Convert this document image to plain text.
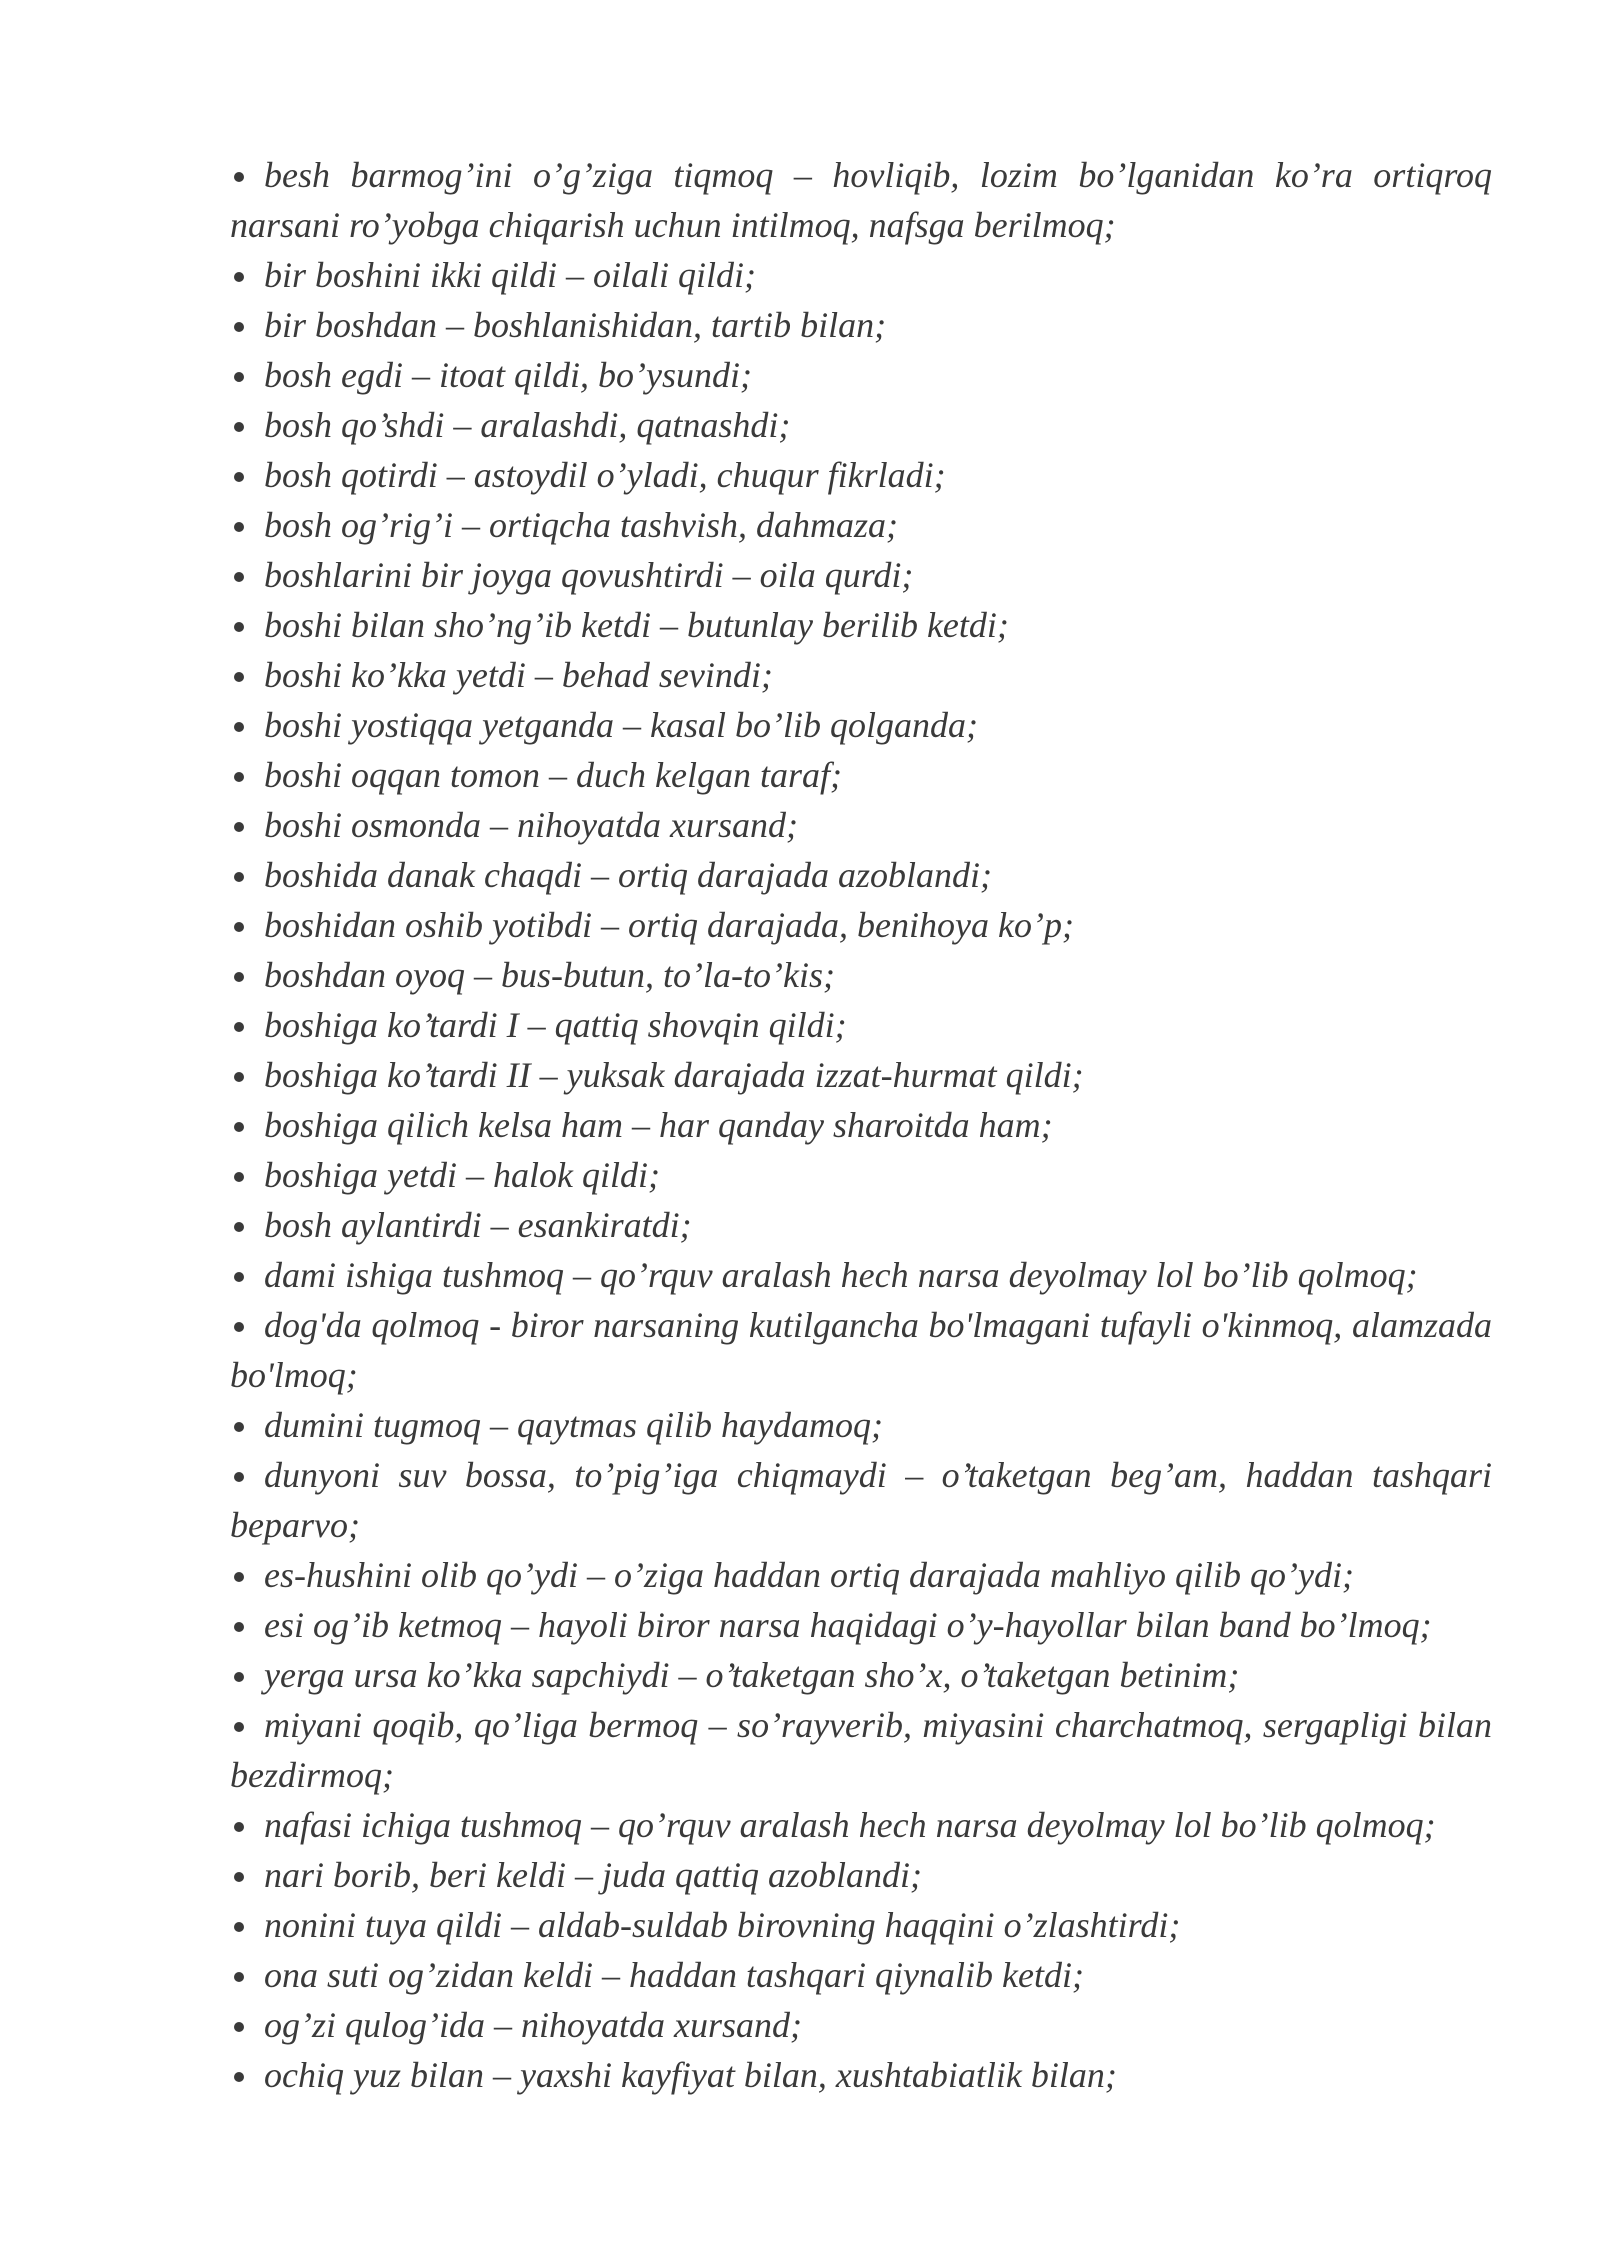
besh barmog’ini o’g’ziga tiqmoq – hovliqib, lozim bo’lganidan ko’ra ortiqroq narsani ro’yobga chiqarish uchun intilmoq, nafsga berilmoq;

bir boshini ikki qildi – oilali qildi;

bir boshdan – boshlanishidan, tartib bilan;

bosh egdi – itoat qildi, bo’ysundi;

bosh qo’shdi – aralashdi, qatnashdi;

bosh qotirdi – astoydil o’yladi, chuqur fikrladi;

bosh og’rig’i – ortiqcha tashvish, dahmaza;

boshlarini bir joyga qovushtirdi – oila qurdi;

boshi bilan sho’ng’ib ketdi – butunlay berilib ketdi;

boshi ko’kka yetdi – behad sevindi;

boshi yostiqqa yetganda – kasal bo’lib qolganda;

boshi oqqan tomon – duch kelgan taraf;

boshi osmonda – nihoyatda xursand;

boshida danak chaqdi – ortiq darajada azoblandi;

boshidan oshib yotibdi – ortiq darajada, benihoya ko’p;

boshdan oyoq – bus-butun, to’la-to’kis;

boshiga ko’tardi I – qattiq shovqin qildi;

boshiga ko’tardi II – yuksak darajada izzat-hurmat qildi;

boshiga qilich kelsa ham – har qanday sharoitda ham;

boshiga yetdi – halok qildi;

bosh aylantirdi – esankiratdi;

dami ishiga tushmoq – qo’rquv aralash hech narsa deyolmay lol bo’lib qolmoq;

dog'da qolmoq - biror narsaning kutilgancha bo'lmagani tufayli o'kinmoq, alamzada bo'lmoq;

dumini tugmoq – qaytmas qilib haydamoq;

dunyoni suv bossa, to’pig’iga chiqmaydi – o’taketgan beg’am, haddan tashqari beparvo;

es-hushini olib qo’ydi – o’ziga haddan ortiq darajada mahliyo qilib qo’ydi;

esi og’ib ketmoq – hayoli biror narsa haqidagi o’y-hayollar bilan band bo’lmoq;

yerga ursa ko’kka sapchiydi – o’taketgan sho’x, o’taketgan betinim;

miyani qoqib, qo’liga bermoq – so’rayverib, miyasini charchatmoq, sergapligi bilan bezdirmoq;

nafasi ichiga tushmoq – qo’rquv aralash hech narsa deyolmay lol bo’lib qolmoq;

nari borib, beri keldi – juda qattiq azoblandi;

nonini tuya qildi – aldab-suldab birovning haqqini o’zlashtirdi;

ona suti og’zidan keldi – haddan tashqari qiynalib ketdi;

og’zi qulog’ida – nihoyatda xursand;

ochiq yuz bilan – yaxshi kayfiyat bilan, xushtabiatlik bilan;
